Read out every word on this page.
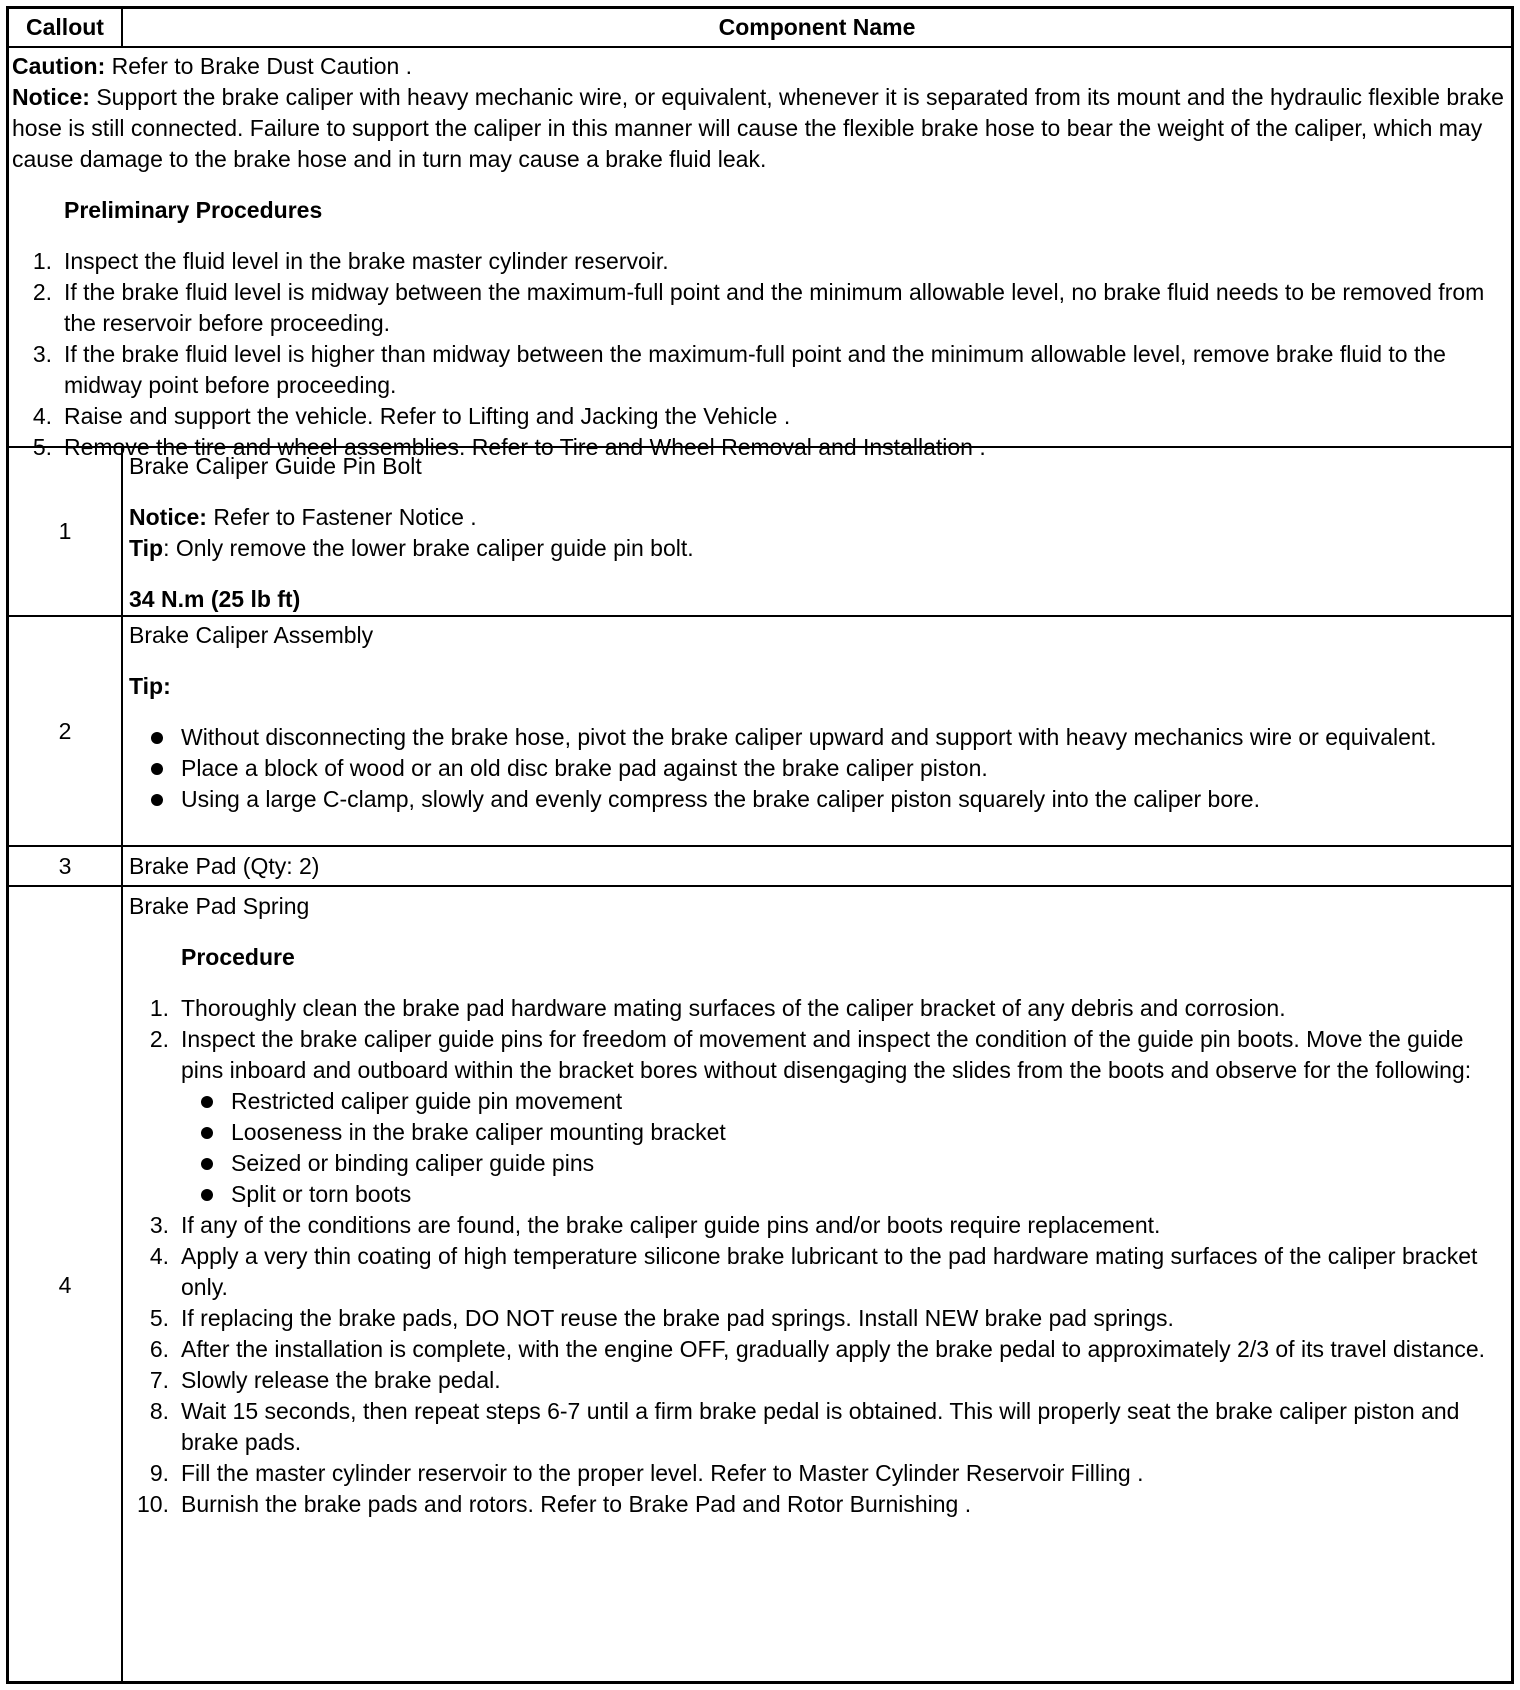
Callout	Component Name

Caution: Refer to Brake Dust Caution .

Notice: Support the brake caliper with heavy mechanic wire, or equivalent, whenever it is separated from its mount and the hydraulic flexible brake hose is still connected. Failure to support the caliper in this manner will cause the flexible brake hose to bear the weight of the caliper, which may cause damage to the brake hose and in turn may cause a brake fluid leak.

Preliminary Procedures

1. Inspect the fluid level in the brake master cylinder reservoir.
2. If the brake fluid level is midway between the maximum-full point and the minimum allowable level, no brake fluid needs to be removed from the reservoir before proceeding.
3. If the brake fluid level is higher than midway between the maximum-full point and the minimum allowable level, remove brake fluid to the midway point before proceeding.
4. Raise and support the vehicle. Refer to Lifting and Jacking the Vehicle .
5. Remove the tire and wheel assemblies. Refer to Tire and Wheel Removal and Installation .
1

Brake Caliper Guide Pin Bolt

Notice: Refer to Fastener Notice .

Tip: Only remove the lower brake caliper guide pin bolt.

34 N.m (25 lb ft)

2

Brake Caliper Assembly

Tip:

Without disconnecting the brake hose, pivot the brake caliper upward and support with heavy mechanics wire or equivalent.
Place a block of wood or an old disc brake pad against the brake caliper piston.
Using a large C-clamp, slowly and evenly compress the brake caliper piston squarely into the caliper bore.
3	Brake Pad (Qty: 2)

4

Brake Pad Spring

Procedure

1. Thoroughly clean the brake pad hardware mating surfaces of the caliper bracket of any debris and corrosion.
2. Inspect the brake caliper guide pins for freedom of movement and inspect the condition of the guide pin boots. Move the guide pins inboard and outboard within the bracket bores without disengaging the slides from the boots and observe for the following:
Restricted caliper guide pin movement
Looseness in the brake caliper mounting bracket
Seized or binding caliper guide pins
Split or torn boots
3. If any of the conditions are found, the brake caliper guide pins and/or boots require replacement.
4. Apply a very thin coating of high temperature silicone brake lubricant to the pad hardware mating surfaces of the caliper bracket only.
5. If replacing the brake pads, DO NOT reuse the brake pad springs. Install NEW brake pad springs.
6. After the installation is complete, with the engine OFF, gradually apply the brake pedal to approximately 2/3 of its travel distance.
7. Slowly release the brake pedal.
8. Wait 15 seconds, then repeat steps 6-7 until a firm brake pedal is obtained. This will properly seat the brake caliper piston and brake pads.
9. Fill the master cylinder reservoir to the proper level. Refer to Master Cylinder Reservoir Filling .
10. Burnish the brake pads and rotors. Refer to Brake Pad and Rotor Burnishing .
